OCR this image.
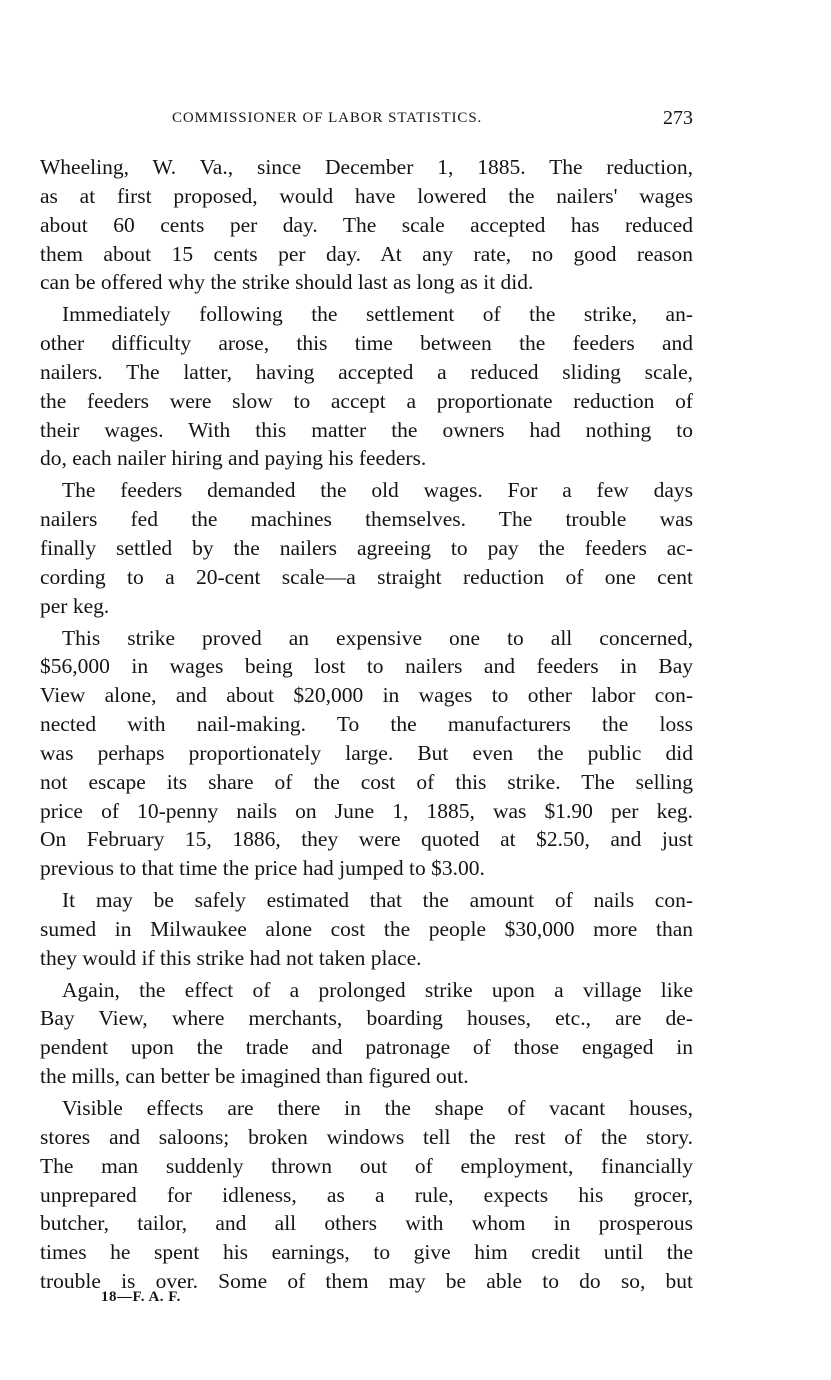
COMMISSIONER OF LABOR STATISTICS.	273
Wheeling, W. Va., since December 1, 1885. The reduction,
as at first proposed, would have lowered the nailers' wages
about 60 cents per day. The scale accepted has reduced
them about 15 cents per day. At any rate, no good reason
can be offered why the strike should last as long as it did.
Immediately following the settlement of the strike, an-
other difficulty arose, this time between the feeders and
nailers. The latter, having accepted a reduced sliding scale,
the feeders were slow to accept a proportionate reduction of
their wages. With this matter the owners had nothing to
do, each nailer hiring and paying his feeders.
The feeders demanded the old wages. For a few days
nailers fed the machines themselves. The trouble was
finally settled by the nailers agreeing to pay the feeders ac-
cording to a 20-cent scale—a straight reduction of one cent
per keg.
This strike proved an expensive one to all concerned,
$56,000 in wages being lost to nailers and feeders in Bay
View alone, and about $20,000 in wages to other labor con-
nected with nail-making. To the manufacturers the loss
was perhaps proportionately large. But even the public did
not escape its share of the cost of this strike. The selling
price of 10-penny nails on June 1, 1885, was $1.90 per keg.
On February 15, 1886, they were quoted at $2.50, and just
previous to that time the price had jumped to $3.00.
It may be safely estimated that the amount of nails con-
sumed in Milwaukee alone cost the people $30,000 more than
they would if this strike had not taken place.
Again, the effect of a prolonged strike upon a village like
Bay View, where merchants, boarding houses, etc., are de-
pendent upon the trade and patronage of those engaged in
the mills, can better be imagined than figured out.
Visible effects are there in the shape of vacant houses,
stores and saloons; broken windows tell the rest of the story.
The man suddenly thrown out of employment, financially
unprepared for idleness, as a rule, expects his grocer,
butcher, tailor, and all others with whom in prosperous
times he spent his earnings, to give him credit until the
trouble is over. Some of them may be able to do so, but
18—F. A. F.
